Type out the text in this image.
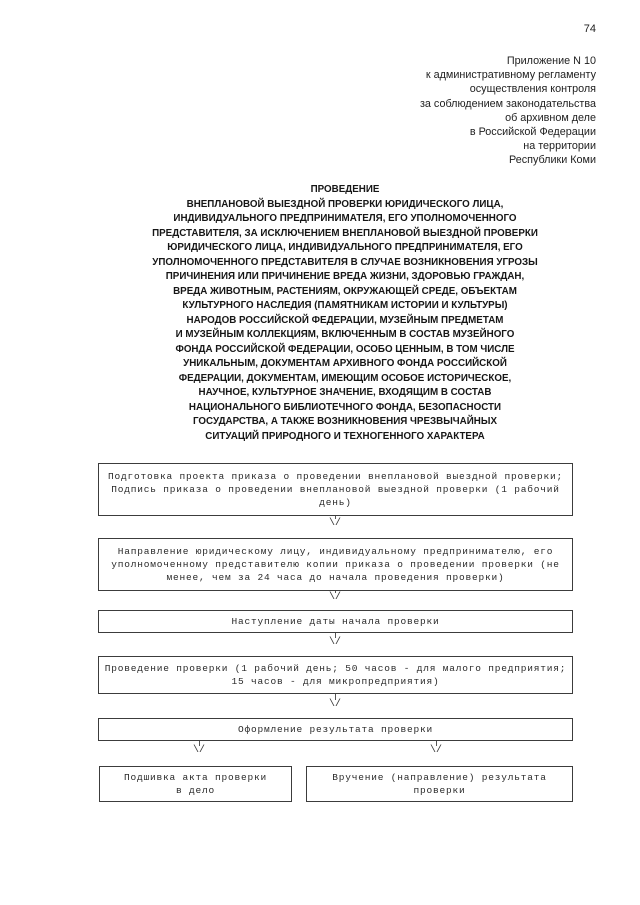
74
Приложение N 10
к административному регламенту
осуществления контроля
за соблюдением законодательства
об архивном деле
в Российской Федерации
на территории
Республики Коми
ПРОВЕДЕНИЕ
ВНЕПЛАНОВОЙ ВЫЕЗДНОЙ ПРОВЕРКИ ЮРИДИЧЕСКОГО ЛИЦА,
ИНДИВИДУАЛЬНОГО ПРЕДПРИНИМАТЕЛЯ, ЕГО УПОЛНОМОЧЕННОГО
ПРЕДСТАВИТЕЛЯ, ЗА ИСКЛЮЧЕНИЕМ ВНЕПЛАНОВОЙ ВЫЕЗДНОЙ ПРОВЕРКИ
ЮРИДИЧЕСКОГО ЛИЦА, ИНДИВИДУАЛЬНОГО ПРЕДПРИНИМАТЕЛЯ, ЕГО
УПОЛНОМОЧЕННОГО ПРЕДСТАВИТЕЛЯ В СЛУЧАЕ ВОЗНИКНОВЕНИЯ УГРОЗЫ
ПРИЧИНЕНИЯ ИЛИ ПРИЧИНЕНИЕ ВРЕДА ЖИЗНИ, ЗДОРОВЬЮ ГРАЖДАН,
ВРЕДА ЖИВОТНЫМ, РАСТЕНИЯМ, ОКРУЖАЮЩЕЙ СРЕДЕ, ОБЪЕКТАМ
КУЛЬТУРНОГО НАСЛЕДИЯ (ПАМЯТНИКАМ ИСТОРИИ И КУЛЬТУРЫ)
НАРОДОВ РОССИЙСКОЙ ФЕДЕРАЦИИ, МУЗЕЙНЫМ ПРЕДМЕТАМ
И МУЗЕЙНЫМ КОЛЛЕКЦИЯМ, ВКЛЮЧЕННЫМ В СОСТАВ МУЗЕЙНОГО
ФОНДА РОССИЙСКОЙ ФЕДЕРАЦИИ, ОСОБО ЦЕННЫМ, В ТОМ ЧИСЛЕ
УНИКАЛЬНЫМ, ДОКУМЕНТАМ АРХИВНОГО ФОНДА РОССИЙСКОЙ
ФЕДЕРАЦИИ, ДОКУМЕНТАМ, ИМЕЮЩИМ ОСОБОЕ ИСТОРИЧЕСКОЕ,
НАУЧНОЕ, КУЛЬТУРНОЕ ЗНАЧЕНИЕ, ВХОДЯЩИМ В СОСТАВ
НАЦИОНАЛЬНОГО БИБЛИОТЕЧНОГО ФОНДА, БЕЗОПАСНОСТИ
ГОСУДАРСТВА, А ТАКЖЕ ВОЗНИКНОВЕНИЯ ЧРЕЗВЫЧАЙНЫХ
СИТУАЦИЙ ПРИРОДНОГО И ТЕХНОГЕННОГО ХАРАКТЕРА
Подготовка проекта приказа о проведении внеплановой выездной проверки;
Подпись приказа о проведении внеплановой выездной проверки (1 рабочий
день)
\/
Направление юридическому лицу, индивидуальному предпринимателю, его
уполномоченному представителю копии приказа о проведении проверки (не
менее, чем за 24 часа до начала проведения проверки)
\/
Наступление даты начала проверки
\/
Проведение проверки (1 рабочий день; 50 часов - для малого предприятия;
15 часов - для микропредприятия)
\/
Оформление результата проверки
\/	\/
Подшивка акта проверки
в дело
Вручение (направление) результата
проверки
